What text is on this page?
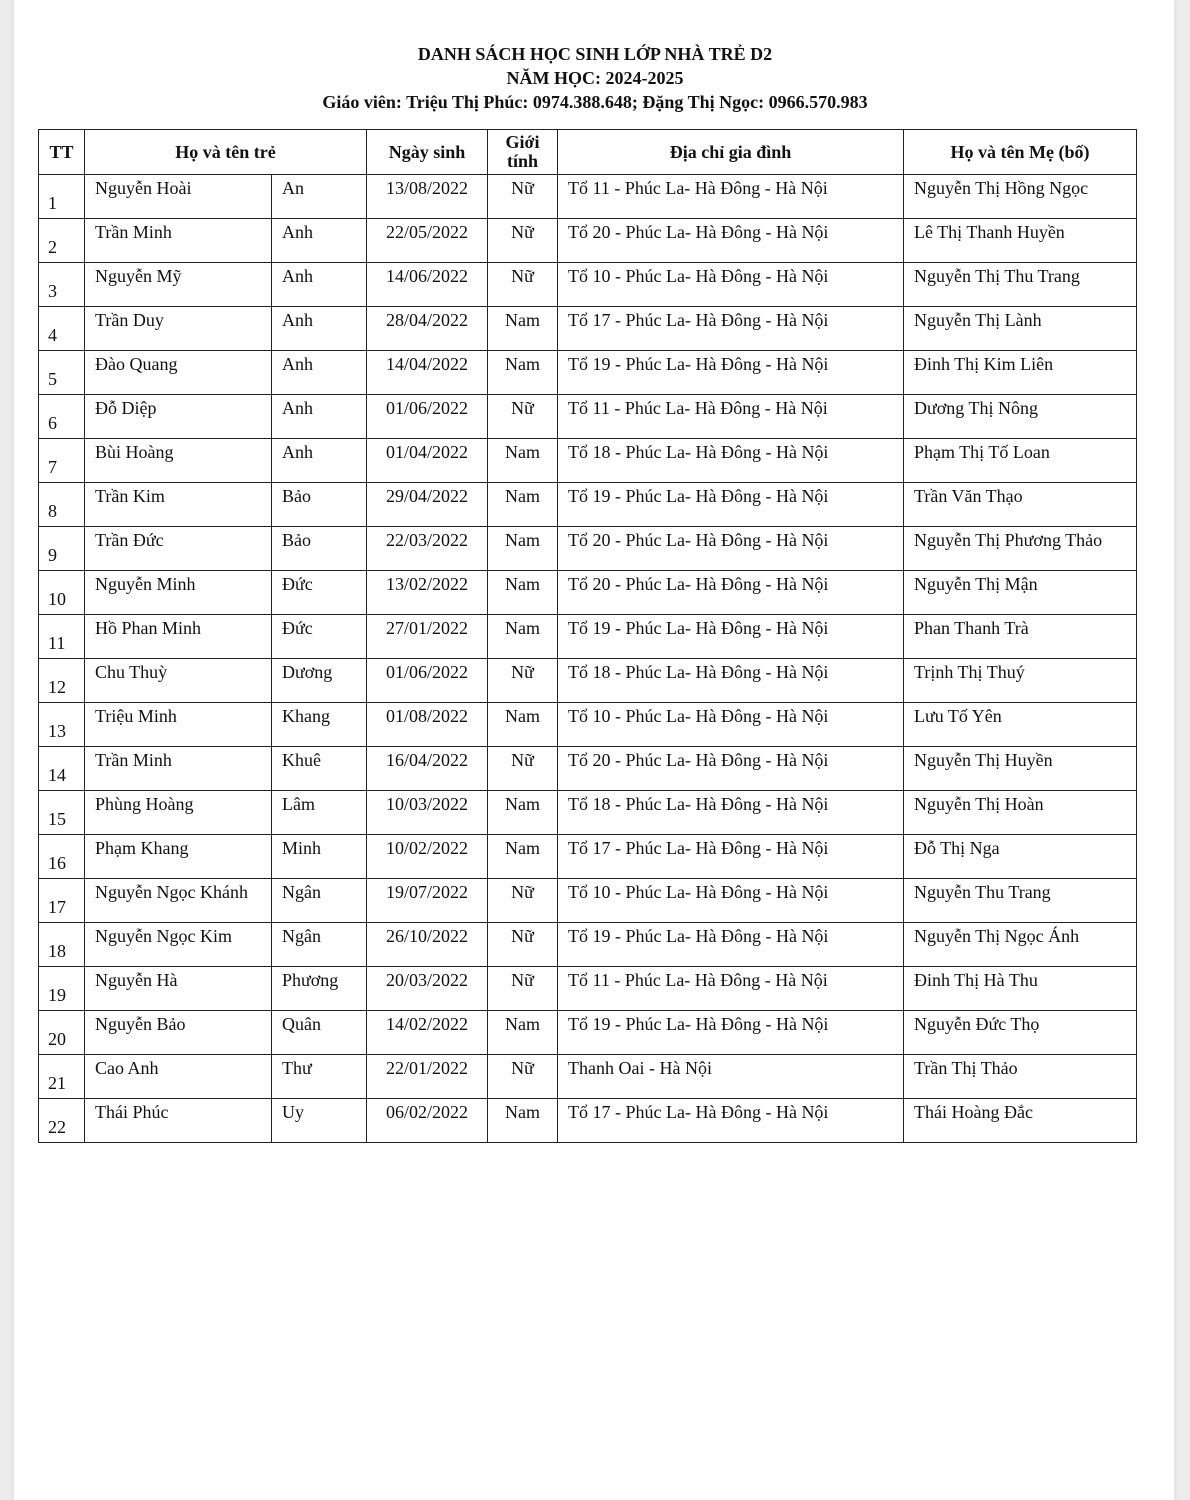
DANH SÁCH HỌC SINH LỚP NHÀ TRẺ D2
NĂM HỌC: 2024-2025
Giáo viên: Triệu Thị Phúc: 0974.388.648; Đặng Thị Ngọc: 0966.570.983
TT	Họ và tên trẻ		Ngày sinh	Giới tính	Địa chỉ gia đình	Họ và tên Mẹ (bố)
1	Nguyễn Hoài	An	13/08/2022	Nữ	Tổ 11 - Phúc La- Hà Đông - Hà Nội	Nguyễn Thị Hồng Ngọc
2	Trần Minh	Anh	22/05/2022	Nữ	Tổ 20 - Phúc La- Hà Đông - Hà Nội	Lê Thị Thanh Huyền
3	Nguyễn Mỹ	Anh	14/06/2022	Nữ	Tổ 10 - Phúc La- Hà Đông - Hà Nội	Nguyễn Thị Thu Trang
4	Trần Duy	Anh	28/04/2022	Nam	Tổ 17 - Phúc La- Hà Đông - Hà Nội	Nguyễn Thị Lành
5	Đào Quang	Anh	14/04/2022	Nam	Tổ 19 - Phúc La- Hà Đông - Hà Nội	Đinh Thị Kim Liên
6	Đỗ Diệp	Anh	01/06/2022	Nữ	Tổ 11 - Phúc La- Hà Đông - Hà Nội	Dương Thị Nông
7	Bùi Hoàng	Anh	01/04/2022	Nam	Tổ 18 - Phúc La- Hà Đông - Hà Nội	Phạm Thị Tố Loan
8	Trần Kim	Bảo	29/04/2022	Nam	Tổ 19 - Phúc La- Hà Đông - Hà Nội	Trần Văn Thạo
9	Trần Đức	Bảo	22/03/2022	Nam	Tổ 20 - Phúc La- Hà Đông - Hà Nội	Nguyễn Thị Phương Thảo
10	Nguyễn Minh	Đức	13/02/2022	Nam	Tổ 20 - Phúc La- Hà Đông - Hà Nội	Nguyễn Thị Mận
11	Hồ Phan Minh	Đức	27/01/2022	Nam	Tổ 19 - Phúc La- Hà Đông - Hà Nội	Phan Thanh Trà
12	Chu Thuỳ	Dương	01/06/2022	Nữ	Tổ 18 - Phúc La- Hà Đông - Hà Nội	Trịnh Thị Thuý
13	Triệu Minh	Khang	01/08/2022	Nam	Tổ 10 - Phúc La- Hà Đông - Hà Nội	Lưu Tố Yên
14	Trần Minh	Khuê	16/04/2022	Nữ	Tổ 20 - Phúc La- Hà Đông - Hà Nội	Nguyễn Thị Huyền
15	Phùng Hoàng	Lâm	10/03/2022	Nam	Tổ 18 - Phúc La- Hà Đông - Hà Nội	Nguyễn Thị Hoàn
16	Phạm Khang	Minh	10/02/2022	Nam	Tổ 17 - Phúc La- Hà Đông - Hà Nội	Đỗ Thị Nga
17	Nguyễn Ngọc Khánh	Ngân	19/07/2022	Nữ	Tổ 10 - Phúc La- Hà Đông - Hà Nội	Nguyễn Thu Trang
18	Nguyễn Ngọc Kim	Ngân	26/10/2022	Nữ	Tổ 19 - Phúc La- Hà Đông - Hà Nội	Nguyễn Thị Ngọc Ánh
19	Nguyễn Hà	Phương	20/03/2022	Nữ	Tổ 11 - Phúc La- Hà Đông - Hà Nội	Đinh Thị Hà Thu
20	Nguyễn Bảo	Quân	14/02/2022	Nam	Tổ 19 - Phúc La- Hà Đông - Hà Nội	Nguyễn Đức Thọ
21	Cao Anh	Thư	22/01/2022	Nữ	Thanh Oai - Hà Nội	Trần Thị Thảo
22	Thái Phúc	Uy	06/02/2022	Nam	Tổ 17 - Phúc La- Hà Đông - Hà Nội	Thái Hoàng Đắc
